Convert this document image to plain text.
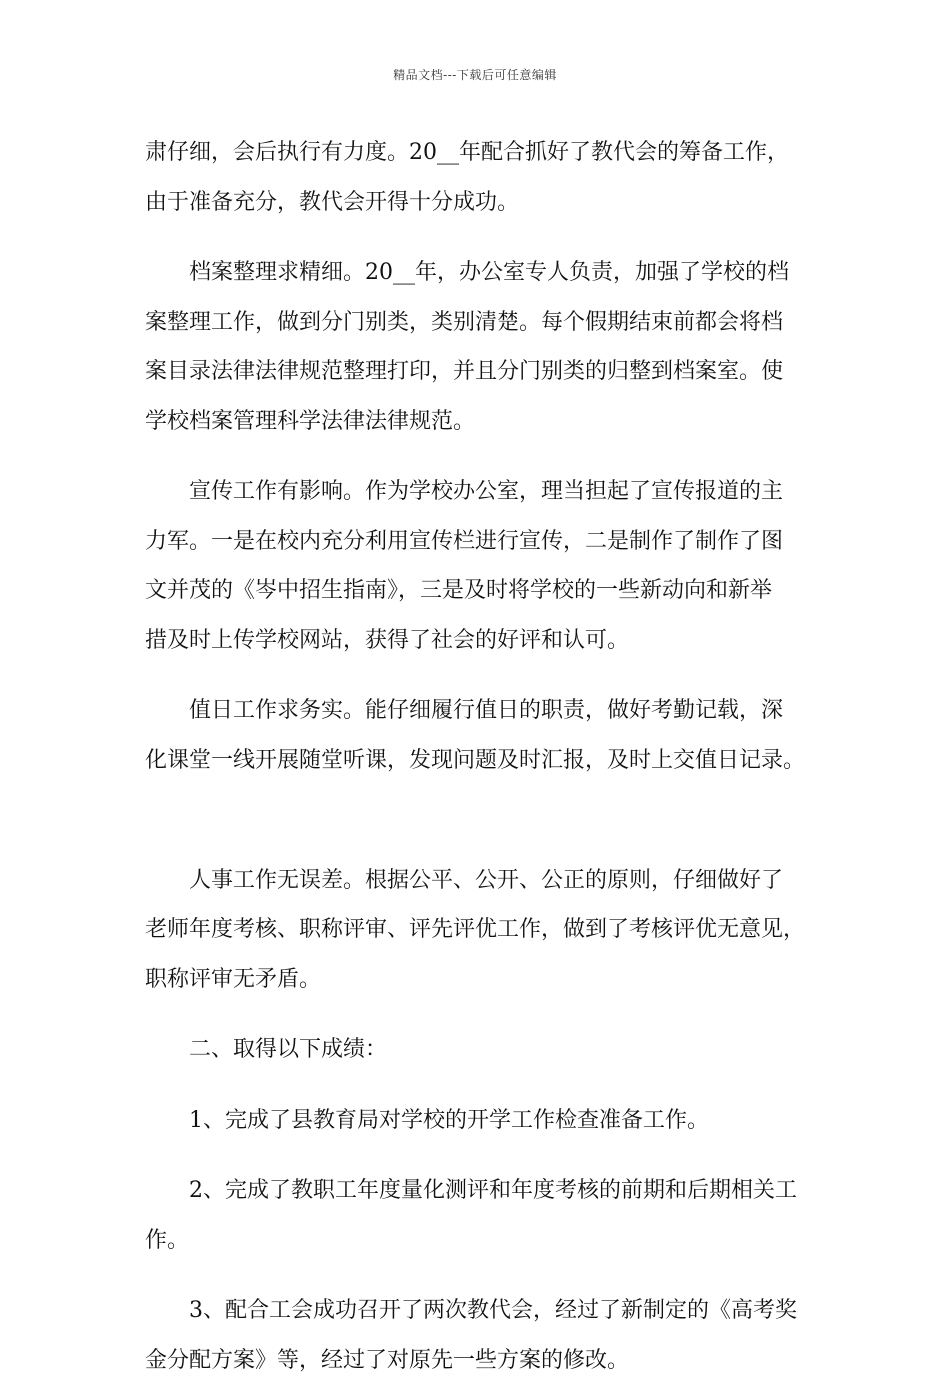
精品文档---下载后可任意编辑
肃仔细，会后执行有力度。20__年配合抓好了教代会的筹备工作，
由于准备充分，教代会开得十分成功。
档案整理求精细。20__年，办公室专人负责，加强了学校的档
案整理工作，做到分门别类，类别清楚。每个假期结束前都会将档
案目录法律法律规范整理打印，并且分门别类的归整到档案室。使
学校档案管理科学法律法律规范。
宣传工作有影响。作为学校办公室，理当担起了宣传报道的主
力军。一是在校内充分利用宣传栏进行宣传，二是制作了制作了图
文并茂的《岑中招生指南》，三是及时将学校的一些新动向和新举
措及时上传学校网站，获得了社会的好评和认可。
值日工作求务实。能仔细履行值日的职责，做好考勤记载，深
化课堂一线开展随堂听课，发现问题及时汇报，及时上交值日记录。
人事工作无误差。根据公平、公开、公正的原则，仔细做好了
老师年度考核、职称评审、评先评优工作，做到了考核评优无意见，
职称评审无矛盾。
二、取得以下成绩：
1、完成了县教育局对学校的开学工作检查准备工作。
2、完成了教职工年度量化测评和年度考核的前期和后期相关工
作。
3、配合工会成功召开了两次教代会，经过了新制定的《高考奖
金分配方案》等，经过了对原先一些方案的修改。
